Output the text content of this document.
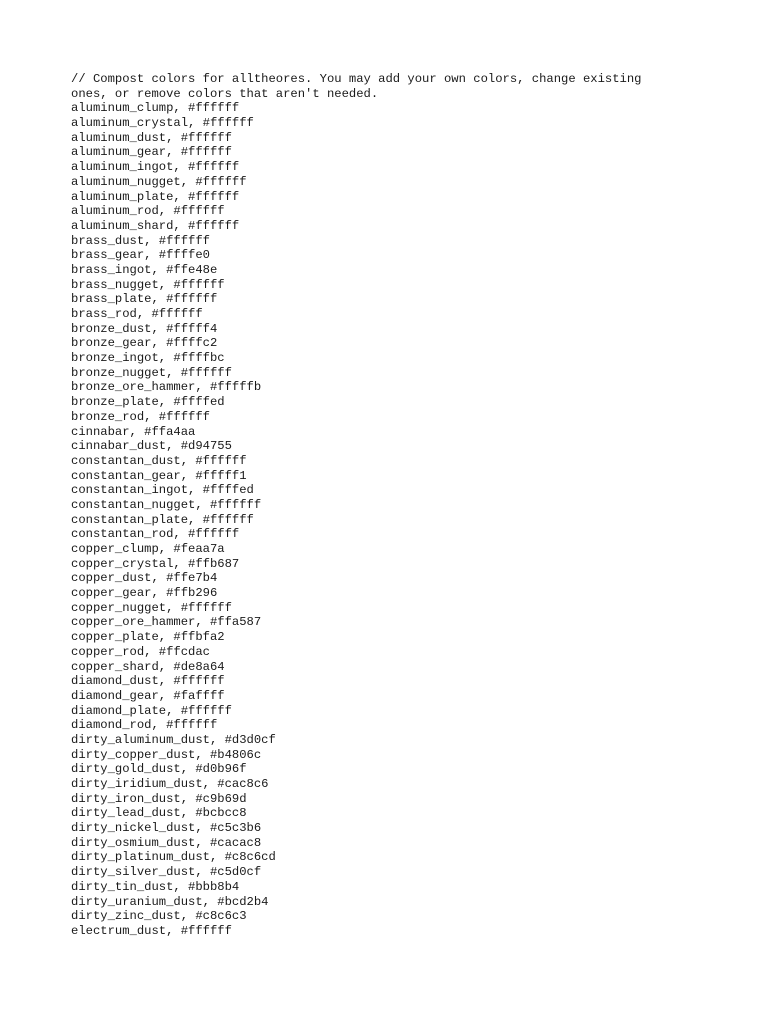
// Compost colors for alltheores. You may add your own colors, change existing
ones, or remove colors that aren't needed.
aluminum_clump, #ffffff
aluminum_crystal, #ffffff
aluminum_dust, #ffffff
aluminum_gear, #ffffff
aluminum_ingot, #ffffff
aluminum_nugget, #ffffff
aluminum_plate, #ffffff
aluminum_rod, #ffffff
aluminum_shard, #ffffff
brass_dust, #ffffff
brass_gear, #ffffe0
brass_ingot, #ffe48e
brass_nugget, #ffffff
brass_plate, #ffffff
brass_rod, #ffffff
bronze_dust, #fffff4
bronze_gear, #ffffc2
bronze_ingot, #ffffbc
bronze_nugget, #ffffff
bronze_ore_hammer, #fffffb
bronze_plate, #ffffed
bronze_rod, #ffffff
cinnabar, #ffa4aa
cinnabar_dust, #d94755
constantan_dust, #ffffff
constantan_gear, #fffff1
constantan_ingot, #ffffed
constantan_nugget, #ffffff
constantan_plate, #ffffff
constantan_rod, #ffffff
copper_clump, #feaa7a
copper_crystal, #ffb687
copper_dust, #ffe7b4
copper_gear, #ffb296
copper_nugget, #ffffff
copper_ore_hammer, #ffa587
copper_plate, #ffbfa2
copper_rod, #ffcdac
copper_shard, #de8a64
diamond_dust, #ffffff
diamond_gear, #faffff
diamond_plate, #ffffff
diamond_rod, #ffffff
dirty_aluminum_dust, #d3d0cf
dirty_copper_dust, #b4806c
dirty_gold_dust, #d0b96f
dirty_iridium_dust, #cac8c6
dirty_iron_dust, #c9b69d
dirty_lead_dust, #bcbcc8
dirty_nickel_dust, #c5c3b6
dirty_osmium_dust, #cacac8
dirty_platinum_dust, #c8c6cd
dirty_silver_dust, #c5d0cf
dirty_tin_dust, #bbb8b4
dirty_uranium_dust, #bcd2b4
dirty_zinc_dust, #c8c6c3
electrum_dust, #ffffff
